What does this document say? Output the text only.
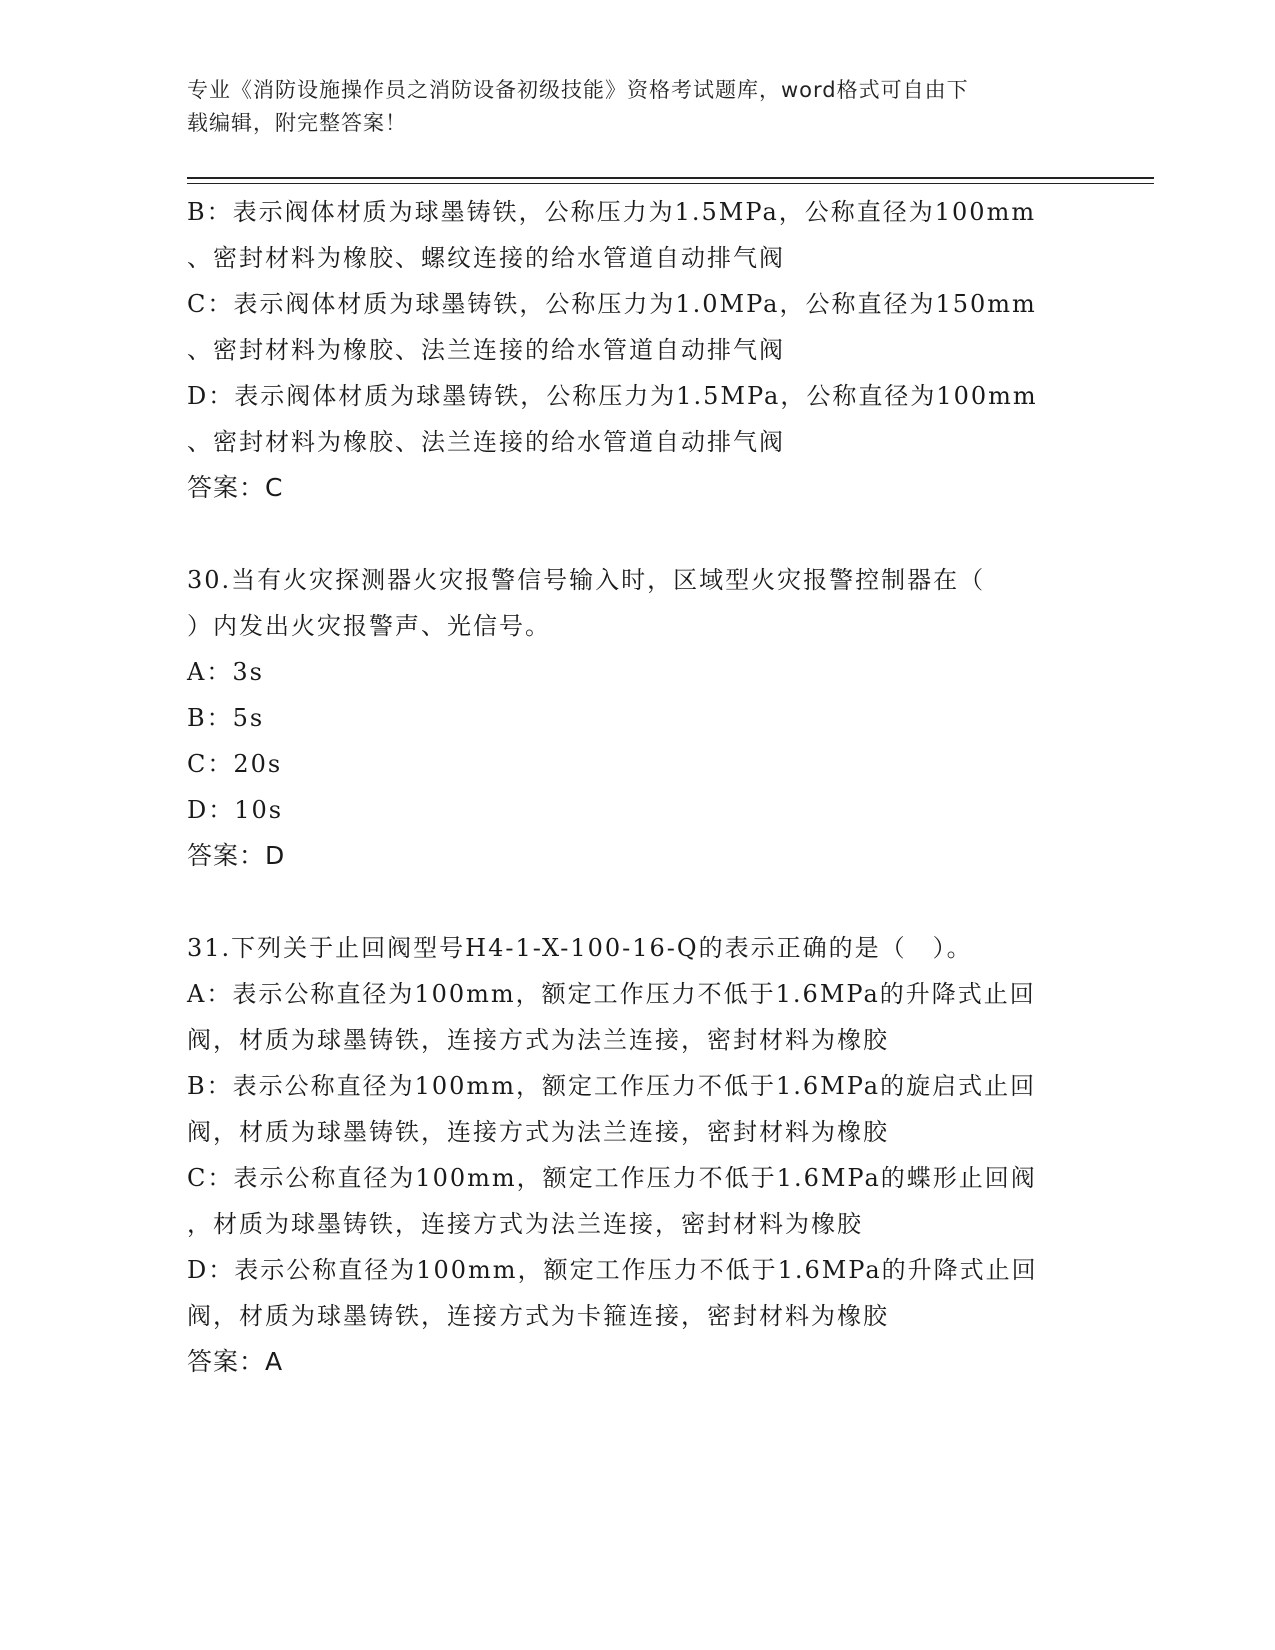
专业《消防设施操作员之消防设备初级技能》资格考试题库，word格式可自由下
载编辑，附完整答案！
B：表示阀体材质为球墨铸铁，公称压力为1.5MPa，公称直径为100mm
、密封材料为橡胶、螺纹连接的给水管道自动排气阀
C：表示阀体材质为球墨铸铁，公称压力为1.0MPa，公称直径为150mm
、密封材料为橡胶、法兰连接的给水管道自动排气阀
D：表示阀体材质为球墨铸铁，公称压力为1.5MPa，公称直径为100mm
、密封材料为橡胶、法兰连接的给水管道自动排气阀
答案：C
30.当有火灾探测器火灾报警信号输入时，区域型火灾报警控制器在（
）内发出火灾报警声、光信号。
A：3s
B：5s
C：20s
D：10s
答案：D
31.下列关于止回阀型号H4-1-X-100-16-Q的表示正确的是（　）。
A：表示公称直径为100mm，额定工作压力不低于1.6MPa的升降式止回
阀，材质为球墨铸铁，连接方式为法兰连接，密封材料为橡胶
B：表示公称直径为100mm，额定工作压力不低于1.6MPa的旋启式止回
阀，材质为球墨铸铁，连接方式为法兰连接，密封材料为橡胶
C：表示公称直径为100mm，额定工作压力不低于1.6MPa的蝶形止回阀
，材质为球墨铸铁，连接方式为法兰连接，密封材料为橡胶
D：表示公称直径为100mm，额定工作压力不低于1.6MPa的升降式止回
阀，材质为球墨铸铁，连接方式为卡箍连接，密封材料为橡胶
答案：A
